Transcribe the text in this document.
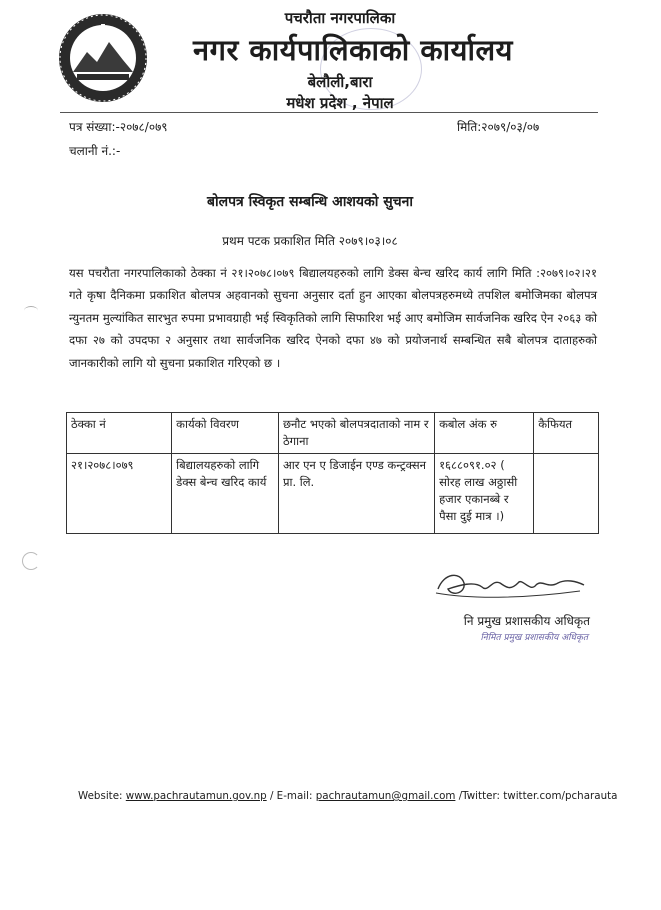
पचरौता नगरपालिका
नगर कार्यपालिकाको कार्यालय
बेलौली,बारा
मधेश प्रदेश , नेपाल
पत्र संख्या:-२०७८/०७९	मिति:२०७९/०३/०७
चलानी नं.:-
बोलपत्र स्विकृत सम्बन्धि आशयको सुचना
प्रथम पटक प्रकाशित मिति २०७९।०३।०८
यस पचरौता नगरपालिकाको ठेक्का नं २१।२०७८।०७९ बिद्यालयहरुको लागि डेक्स बेन्च खरिद कार्य लागि मिति :२०७९।०२।२१ गते कृषा दैनिकमा प्रकाशित बोलपत्र अहवानको सुचना अनुसार दर्ता हुन आएका बोलपत्रहरुमध्ये तपशिल बमोजिमका बोलपत्र न्युनतम मुल्यांकित सारभुत रुपमा प्रभावग्राही भई स्विकृतिको लागि सिफारिश भई आए बमोजिम सार्वजनिक खरिद ऐन २०६३ को दफा २७ को उपदफा २ अनुसार तथा सार्वजनिक खरिद ऐनको दफा ४७ को प्रयोजनार्थ सम्बन्धित सबै बोलपत्र दाताहरुको जानकारीको लागि यो सुचना प्रकाशित गरिएको छ ।
ठेक्का नं	कार्यको विवरण	छनौट भएको बोलपत्रदाताको नाम र ठेगाना	कबोल अंक रु	कैफियत
२१।२०७८।०७९	बिद्यालयहरुको लागि डेक्स बेन्च खरिद कार्य	आर एन ए डिजाईन एण्ड कन्ट्रक्सन प्रा. लि.	१६८८०९१.०२ ( सोरह लाख अठ्ठासी हजार एकानब्बे र पैसा दुई मात्र ।)	
नि प्रमुख प्रशासकीय अधिकृत
निमित प्रमुख प्रशासकीय अधिकृत
Website: www.pachrautamun.gov.np / E-mail: pachrautamun@gmail.com /Twitter: twitter.com/pcharauta
